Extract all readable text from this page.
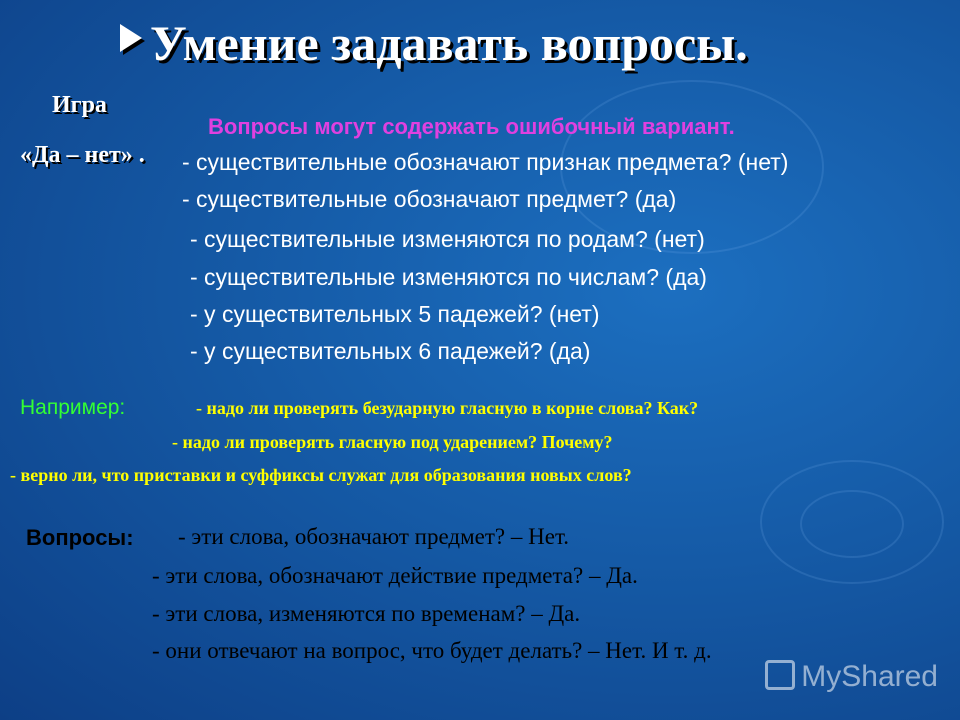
Умение задавать вопросы.
Игра
«Да – нет» .
Вопросы могут содержать ошибочный вариант.
- существительные обозначают признак предмета? (нет)
- существительные обозначают предмет? (да)
- существительные изменяются по родам? (нет)
- существительные изменяются по числам? (да)
- у существительных 5 падежей? (нет)
- у существительных 6 падежей? (да)
Например:	- надо ли проверять безударную гласную в корне слова? Как?
- надо ли проверять гласную под ударением? Почему?
- верно ли, что приставки и суффиксы служат для образования новых слов?
Вопросы: - эти слова, обозначают предмет? – Нет.
- эти слова, обозначают действие предмета? – Да.
- эти слова, изменяются по временам? – Да.
- они отвечают на вопрос, что будет делать? – Нет. И т. д.
MyShared
